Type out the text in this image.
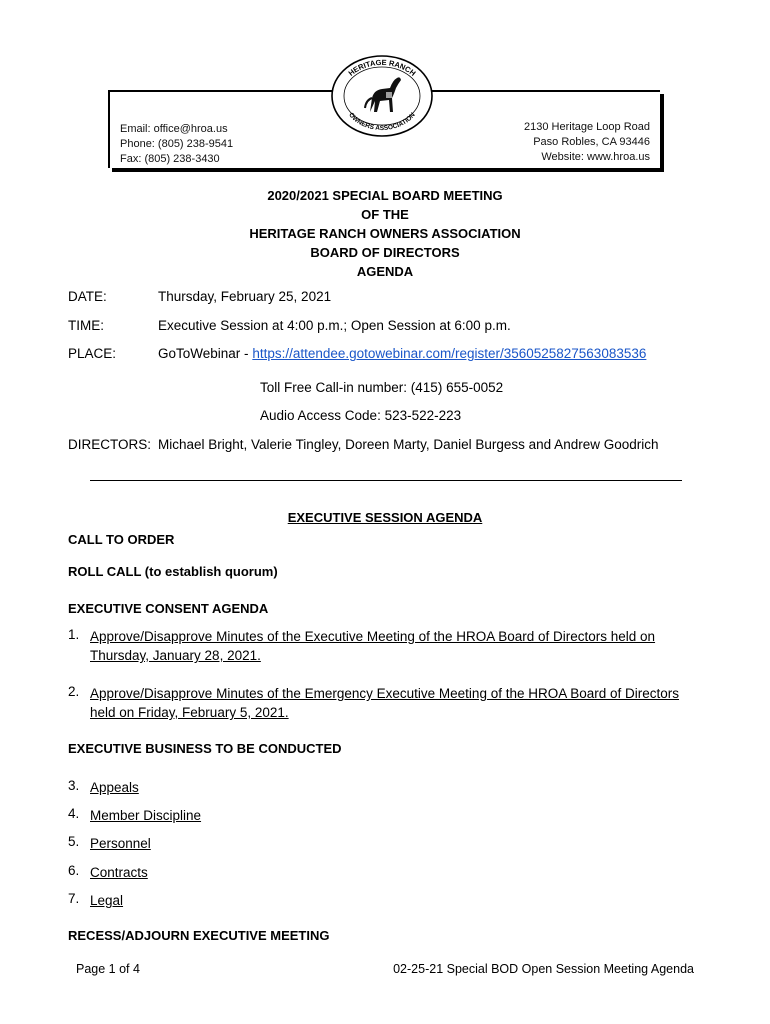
HERITAGE RANCH
OWNERS ASSOCIATION
Email: office@hroa.us
Phone: (805) 238-9541
Fax: (805) 238-3430
2130 Heritage Loop Road
Paso Robles, CA 93446
Website: www.hroa.us
2020/2021 SPECIAL BOARD MEETING
OF THE
HERITAGE RANCH OWNERS ASSOCIATION
BOARD OF DIRECTORS
AGENDA
DATE:	Thursday, February 25, 2021
TIME:	Executive Session at 4:00 p.m.; Open Session at 6:00 p.m.
PLACE:	GoToWebinar - https://attendee.gotowebinar.com/register/3560525827563083536
Toll Free Call-in number: (415) 655-0052
Audio Access Code: 523-522-223
DIRECTORS: Michael Bright, Valerie Tingley, Doreen Marty, Daniel Burgess and Andrew Goodrich
EXECUTIVE SESSION AGENDA
CALL TO ORDER
ROLL CALL (to establish quorum)
EXECUTIVE CONSENT AGENDA
1. Approve/Disapprove Minutes of the Executive Meeting of the HROA Board of Directors held on
Thursday, January 28, 2021.
2. Approve/Disapprove Minutes of the Emergency Executive Meeting of the HROA Board of Directors
held on Friday, February 5, 2021.
EXECUTIVE BUSINESS TO BE CONDUCTED
3. Appeals
4. Member Discipline
5. Personnel
6. Contracts
7. Legal
RECESS/ADJOURN EXECUTIVE MEETING
Page 1 of 4	02-25-21 Special BOD Open Session Meeting Agenda
